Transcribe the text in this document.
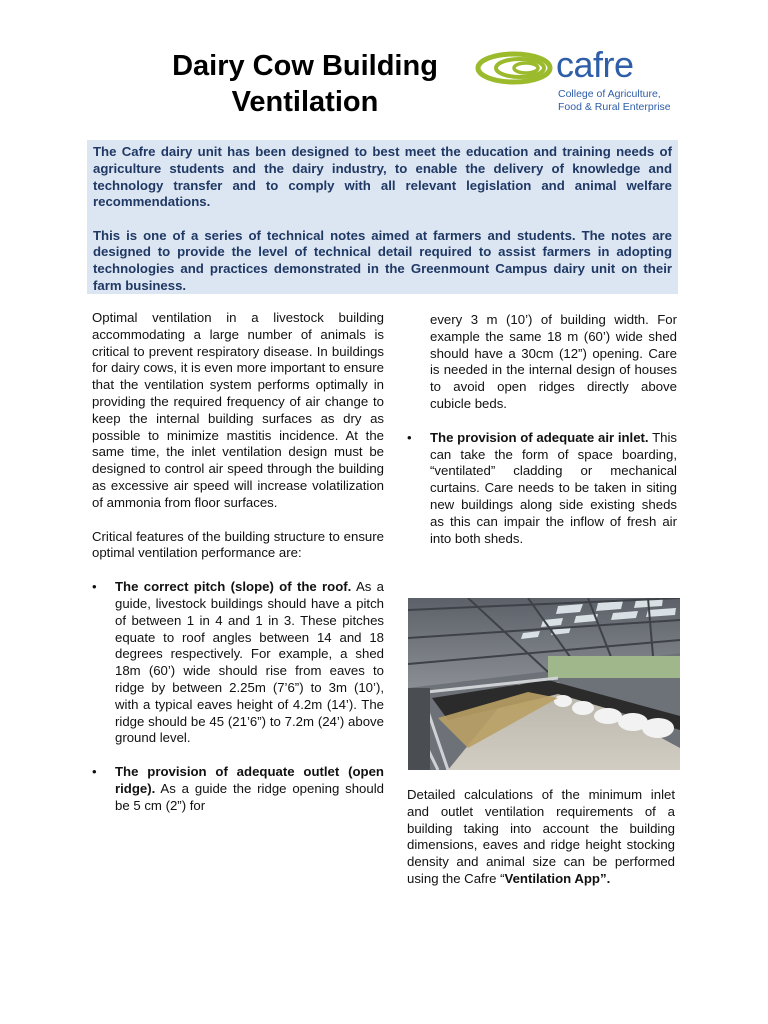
Dairy Cow Building
Ventilation
cafre
College of Agriculture,
Food & Rural Enterprise

The Cafre dairy unit has been designed to best meet the education and training needs of agriculture students and the dairy industry, to enable the delivery of knowledge and technology transfer and to comply with all relevant legislation and animal welfare recommendations.

This is one of a series of technical notes aimed at farmers and students. The notes are designed to provide the level of technical detail required to assist farmers in adopting technologies and practices demonstrated in the Greenmount Campus dairy unit on their farm business.

Optimal ventilation in a livestock building accommodating a large number of animals is critical to prevent respiratory disease. In buildings for dairy cows, it is even more important to ensure that the ventilation system performs optimally in providing the required frequency of air change to keep the internal building surfaces as dry as possible to minimize mastitis incidence. At the same time, the inlet ventilation design must be designed to control air speed through the building as excessive air speed will increase volatilization of ammonia from floor surfaces.

Critical features of the building structure to ensure optimal ventilation performance are:

• The correct pitch (slope) of the roof. As a guide, livestock buildings should have a pitch of between 1 in 4 and 1 in 3. These pitches equate to roof angles between 14 and 18 degrees respectively. For example, a shed 18m (60’) wide should rise from eaves to ridge by between 2.25m (7’6”) to 3m (10’), with a typical eaves height of 4.2m (14’). The ridge should be 45 (21’6”) to 7.2m (24’) above ground level.
• The provision of adequate outlet (open ridge). As a guide the ridge opening should be 5 cm (2”) for
every 3 m (10’) of building width. For example the same 18 m (60’) wide shed should have a 30cm (12”) opening. Care is needed in the internal design of houses to avoid open ridges directly above cubicle beds.
• The provision of adequate air inlet. This can take the form of space boarding, “ventilated” cladding or mechanical curtains. Care needs to be taken in siting new buildings along side existing sheds as this can impair the inflow of fresh air into both sheds.
Detailed calculations of the minimum inlet and outlet ventilation requirements of a building taking into account the building dimensions, eaves and ridge height stocking density and animal size can be performed using the Cafre “Ventilation App”.
